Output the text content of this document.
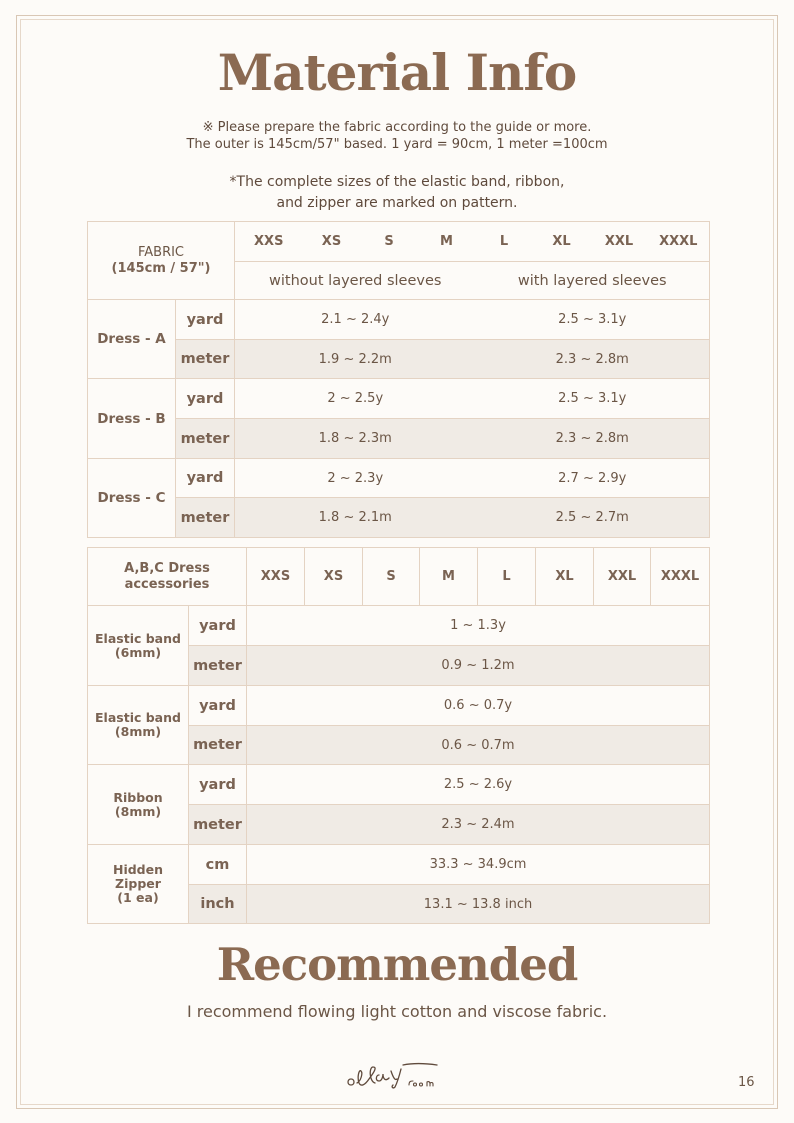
Material Info
※ Please prepare the fabric according to the guide or more.
The outer is 145cm/57" based. 1 yard = 90cm, 1 meter =100cm
*The complete sizes of the elastic band, ribbon,
and zipper are marked on pattern.
FABRIC
(145cm / 57")		XXS	XS	S	M	L	XL	XXL	XXXL
		without layered sleeves				with layered sleeves			
Dress - A	yard	2.1 ~ 2.4y				2.5 ~ 3.1y			
	meter	1.9 ~ 2.2m				2.3 ~ 2.8m			
Dress - B	yard	2 ~ 2.5y				2.5 ~ 3.1y			
	meter	1.8 ~ 2.3m				2.3 ~ 2.8m			
Dress - C	yard	2 ~ 2.3y				2.7 ~ 2.9y			
	meter	1.8 ~ 2.1m				2.5 ~ 2.7m			
A,B,C Dress
accessories		XXS	XS	S	M	L	XL	XXL	XXXL

Elastic band
(6mm)	yard	1 ~ 1.3y							
	meter	0.9 ~ 1.2m							

Elastic band
(8mm)	yard	0.6 ~ 0.7y							
	meter	0.6 ~ 0.7m							

Ribbon
(8mm)	yard	2.5 ~ 2.6y							
	meter	2.3 ~ 2.4m							

Hidden Zipper
(1 ea)	cm	33.3 ~ 34.9cm							
	inch	13.1 ~ 13.8 inch							
Recommended
I recommend flowing light cotton and viscose fabric.
16
